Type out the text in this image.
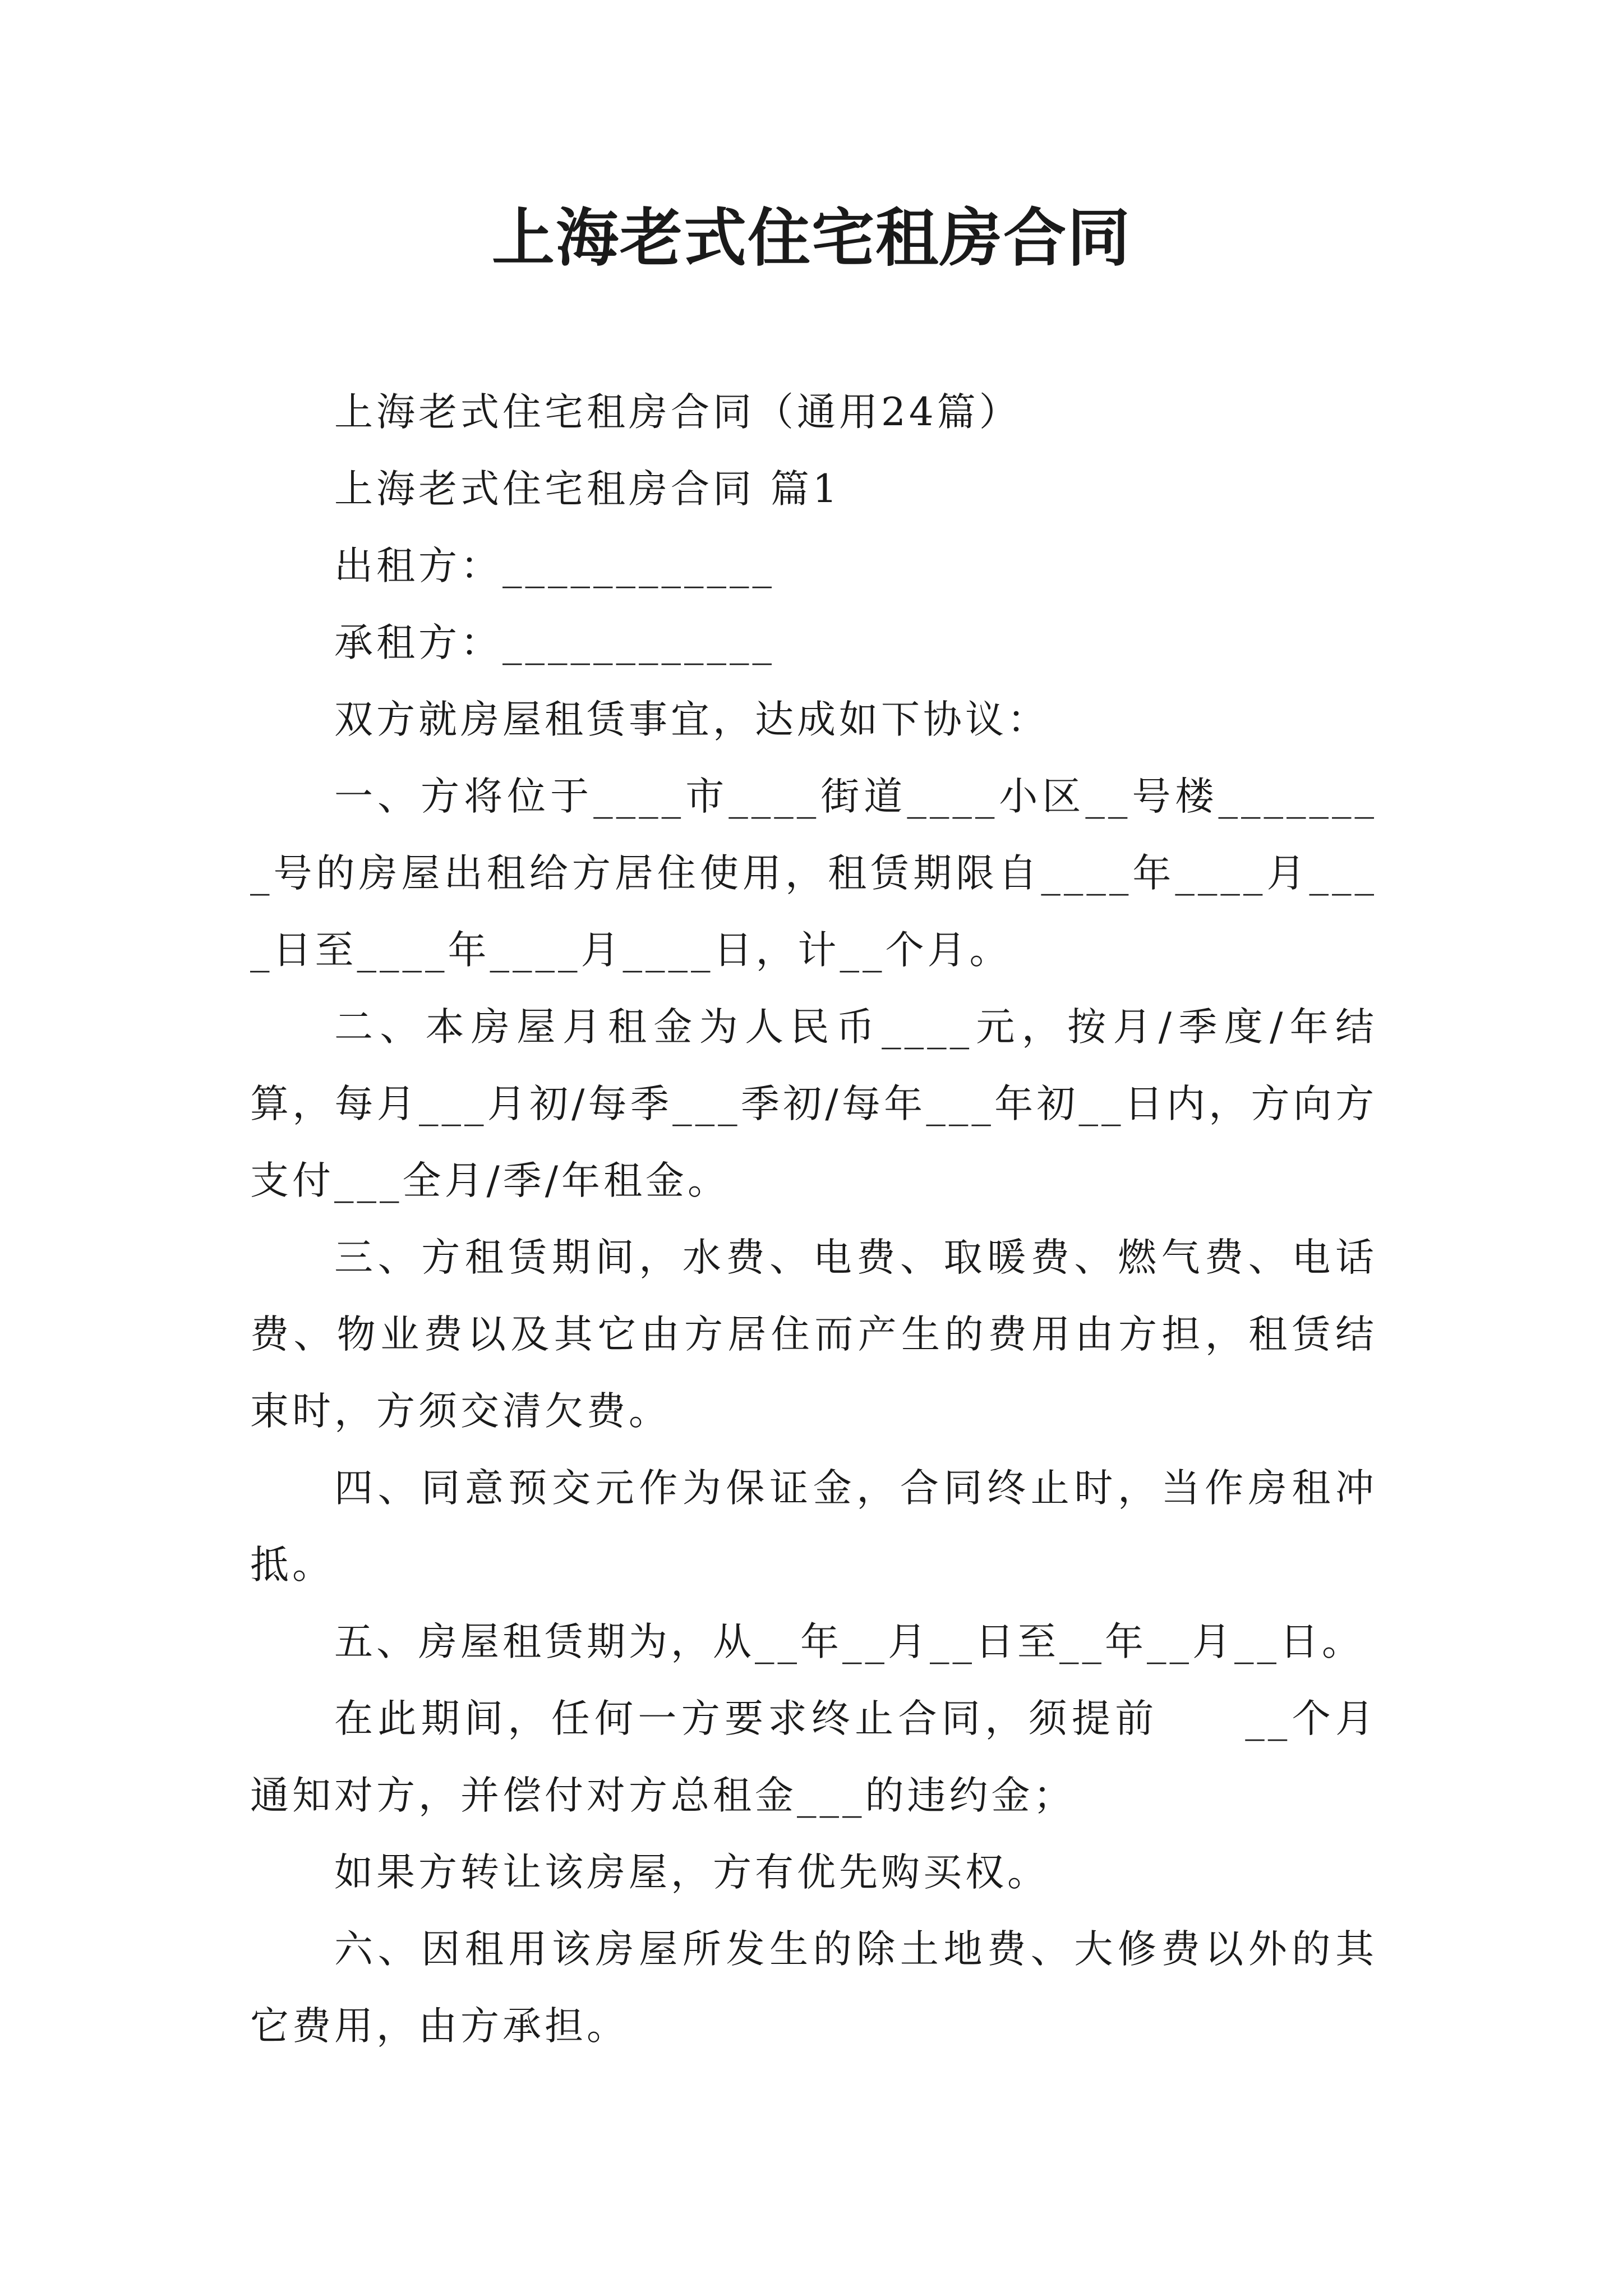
上海老式住宅租房合同

上海老式住宅租房合同（通用24篇）

上海老式住宅租房合同 篇1

出租方：____________

承租方：____________

双方就房屋租赁事宜，达成如下协议：

一、方将位于____市____街道____小区__号楼________号的房屋出租给方居住使用，租赁期限自____年____月____日至____年____月____日，计__个月。

二、本房屋月租金为人民币____元，按月/季度/年结算，每月___月初/每季___季初/每年___年初__日内，方向方支付___全月/季/年租金。

三、方租赁期间，水费、电费、取暖费、燃气费、电话费、物业费以及其它由方居住而产生的费用由方担，租赁结束时，方须交清欠费。

四、同意预交元作为保证金，合同终止时，当作房租冲抵。

五、房屋租赁期为，从__年__月__日至__年__月__日。

在此期间，任何一方要求终止合同，须提前　　__个月通知对方，并偿付对方总租金___的违约金；

如果方转让该房屋，方有优先购买权。

六、因租用该房屋所发生的除土地费、大修费以外的其它费用，由方承担。
